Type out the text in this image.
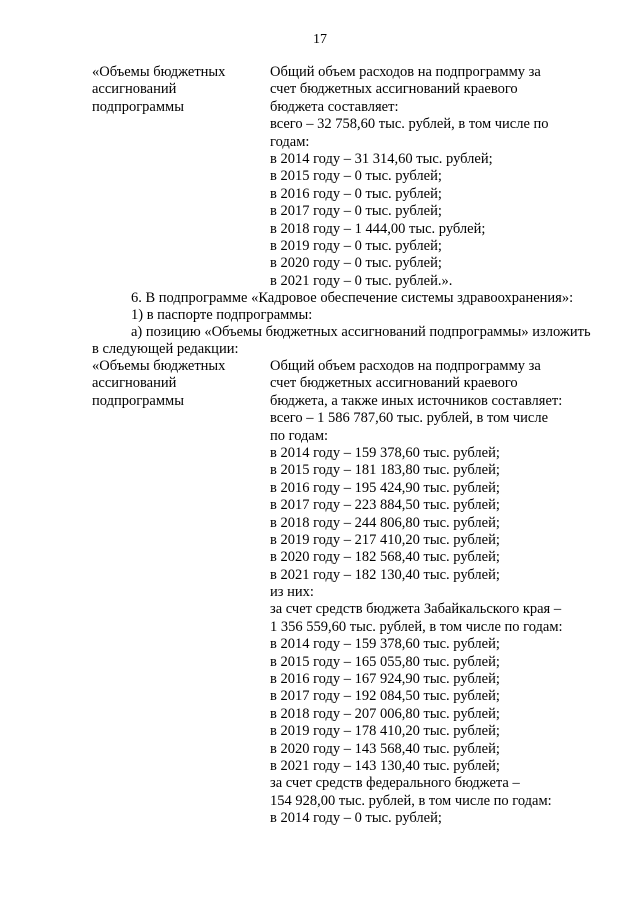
17
«Объемы бюджетных
ассигнований
подпрограммы
Общий объем расходов на подпрограмму за
счет бюджетных ассигнований краевого
бюджета составляет:
всего – 32 758,60 тыс. рублей, в том числе по
годам:
в 2014 году – 31 314,60 тыс. рублей;
в 2015 году – 0 тыс. рублей;
в 2016 году – 0 тыс. рублей;
в 2017 году – 0 тыс. рублей;
в 2018 году – 1 444,00 тыс. рублей;
в 2019 году – 0 тыс. рублей;
в 2020 году – 0 тыс. рублей;
в 2021 году – 0 тыс. рублей.».
6. В подпрограмме «Кадровое обеспечение системы здравоохранения»:
1) в паспорте подпрограммы:
а) позицию «Объемы бюджетных ассигнований подпрограммы» изложить
в следующей редакции:
«Объемы бюджетных
ассигнований
подпрограммы
Общий объем расходов на подпрограмму за
счет бюджетных ассигнований краевого
бюджета, а также иных источников составляет:
всего – 1 586 787,60 тыс. рублей, в том числе
по годам:
в 2014 году – 159 378,60 тыс. рублей;
в 2015 году – 181 183,80 тыс. рублей;
в 2016 году – 195 424,90 тыс. рублей;
в 2017 году – 223 884,50 тыс. рублей;
в 2018 году – 244 806,80 тыс. рублей;
в 2019 году – 217 410,20 тыс. рублей;
в 2020 году – 182 568,40 тыс. рублей;
в 2021 году – 182 130,40 тыс. рублей;
из них:
за счет средств бюджета Забайкальского края –
1 356 559,60 тыс. рублей, в том числе по годам:
в 2014 году – 159 378,60 тыс. рублей;
в 2015 году – 165 055,80 тыс. рублей;
в 2016 году – 167 924,90 тыс. рублей;
в 2017 году – 192 084,50 тыс. рублей;
в 2018 году – 207 006,80 тыс. рублей;
в 2019 году – 178 410,20 тыс. рублей;
в 2020 году – 143 568,40 тыс. рублей;
в 2021 году – 143 130,40 тыс. рублей;
за счет средств федерального бюджета –
154 928,00 тыс. рублей, в том числе по годам:
в 2014 году – 0 тыс. рублей;
